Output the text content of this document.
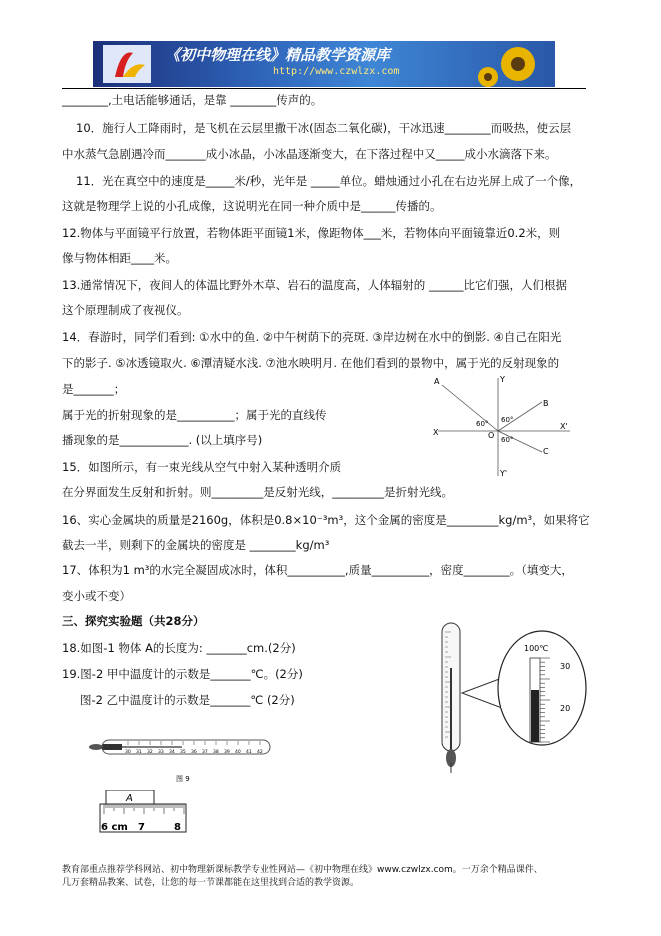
《初中物理在线》精品教学资源库
http://www.czwlzx.com
________,土电话能够通话，是靠 ________传声的。
10．施行人工降雨时，是飞机在云层里撒干冰(固态二氧化碳)，干冰迅速________而吸热，使云层
中水蒸气急剧遇冷而_______成小冰晶，小冰晶逐渐变大，在下落过程中又_____成小水滴落下来。
11．光在真空中的速度是_____米/秒，光年是 _____单位。蜡烛通过小孔在右边光屏上成了一个像，
这就是物理学上说的小孔成像，这说明光在同一种介质中是______传播的。
12.物体与平面镜平行放置，若物体距平面镜1米，像距物体___米，若物体向平面镜靠近0.2米，则
像与物体相距____米。
13.通常情况下，夜间人的体温比野外木草、岩石的温度高，人体辐射的 ______比它们强，人们根据
这个原理制成了夜视仪。
14．春游时，同学们看到: ①水中的鱼. ②中午树荫下的亮斑. ③岸边树在水中的倒影. ④自己在阳光
下的影子. ⑤冰透镜取火. ⑥潭清疑水浅. ⑦池水映明月. 在他们看到的景物中，属于光的反射现象的
是_______；
属于光的折射现象的是__________；属于光的直线传
播现象的是____________. (以上填序号)
15．如图所示，有一束光线从空气中射入某种透明介质
在分界面发生反射和折射。则_________是反射光线，_________是折射光线。
16、实心金属块的质量是2160g，体积是0.8×10⁻³m³，这个金属的密度是_________kg/m³，如果将它
截去一半，则剩下的金属块的密度是 ________kg/m³
17、体积为1 m³的水完全凝固成冰时，体积__________,质量__________，密度________。（填变大，
变小或不变）
三、探究实验题（共28分）
18.如图-1 物体 A的长度为: _______cm.(2分)
19.图-2 甲中温度计的示数是_______℃。(2分)
图-2 乙中温度计的示数是_______℃ (2分)
A	Y
B
X	O
X'
C
Y'
60° 60°
60°
30 31 32 33 34 35 36 37 38 39 40 41 42
图 9
A
6 cm 7	8
100℃
30
20
教育部重点推荐学科网站、初中物理新课标教学专业性网站—《初中物理在线》www.czwlzx.com。一万余个精品课件、
几万套精品教案、试卷，让您的每一节课都能在这里找到合适的教学资源。
